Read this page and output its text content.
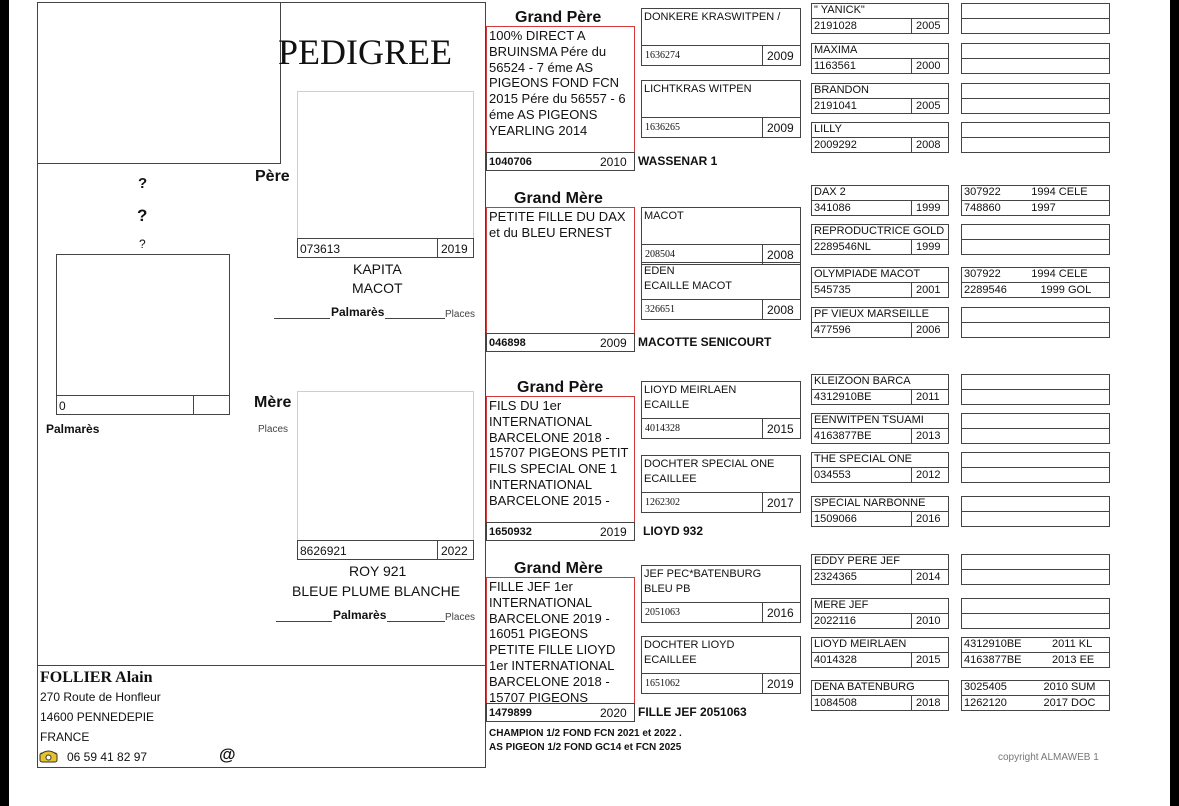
PEDIGREE
?
?
?
0
Palmarès
Père
073613	2019
KAPITA
MACOT
Palmarès	Places
Mère
Places
8626921	2022
ROY 921
BLEUE PLUME BLANCHE
Palmarès	Places
FOLLIER Alain
270 Route de Honfleur
14600 PENNEDEPIE
FRANCE
06 59 41 82 97	@
Grand Père
100% DIRECT A BRUINSMA Pére du 56524 - 7 éme AS PIGEONS FOND FCN 2015 Pére du 56557 - 6 éme AS PIGEONS YEARLING 2014
1040706	2010 WASSENAR 1
Grand Mère
PETITE FILLE DU DAX et du BLEU ERNEST
046898	2009 MACOTTE SENICOURT
Grand Père
FILS DU 1er INTERNATIONAL BARCELONE 2018 - 15707 PIGEONS PETIT FILS SPECIAL ONE 1 INTERNATIONAL BARCELONE 2015 -
1650932	2019 LIOYD 932
Grand Mère
FILLE JEF 1er INTERNATIONAL BARCELONE 2019 - 16051 PIGEONS PETITE FILLE LIOYD 1er INTERNATIONAL BARCELONE 2018 - 15707 PIGEONS
1479899	2020 FILLE JEF 2051063
CHAMPION 1/2 FOND FCN 2021 et 2022 .
AS PIGEON 1/2 FOND GC14 et FCN 2025
DONKERE KRASWITPEN /
1636274	2009
LICHTKRAS WITPEN
1636265	2009
MACOT
208504	2008
EDEN
ECAILLE MACOT
326651	2008
LIOYD MEIRLAEN
ECAILLE
4014328	2015
DOCHTER SPECIAL ONE
ECAILLEE
1262302	2017
JEF PEC*BATENBURG
BLEU PB
2051063	2016
DOCHTER LIOYD
ECAILLEE
1651062	2019
" YANICK"
2191028	2005
MAXIMA
1163561	2000
BRANDON
2191041	2005
LILLY
2009292	2008
DAX 2
341086	1999
307922          1994 CELE
748860          1997
REPRODUCTRICE GOLD
2289546NL	1999
OLYMPIADE MACOT
545735	2001
307922          1994 CELE
2289546           1999 GOL
PF VIEUX MARSEILLE
477596	2006
KLEIZOON BARCA
4312910BE	2011
EENWITPEN TSUAMI
4163877BE	2013
THE SPECIAL ONE
034553	2012
SPECIAL NARBONNE
1509066	2016
EDDY PERE JEF
2324365	2014
MERE JEF
2022116	2010
LIOYD MEIRLAEN
4014328	2015
4312910BE          2011 KL
4163877BE          2013 EE
DENA BATENBURG
1084508	2018
3025405            2010 SUM
1262120            2017 DOC
copyright ALMAWEB 1
